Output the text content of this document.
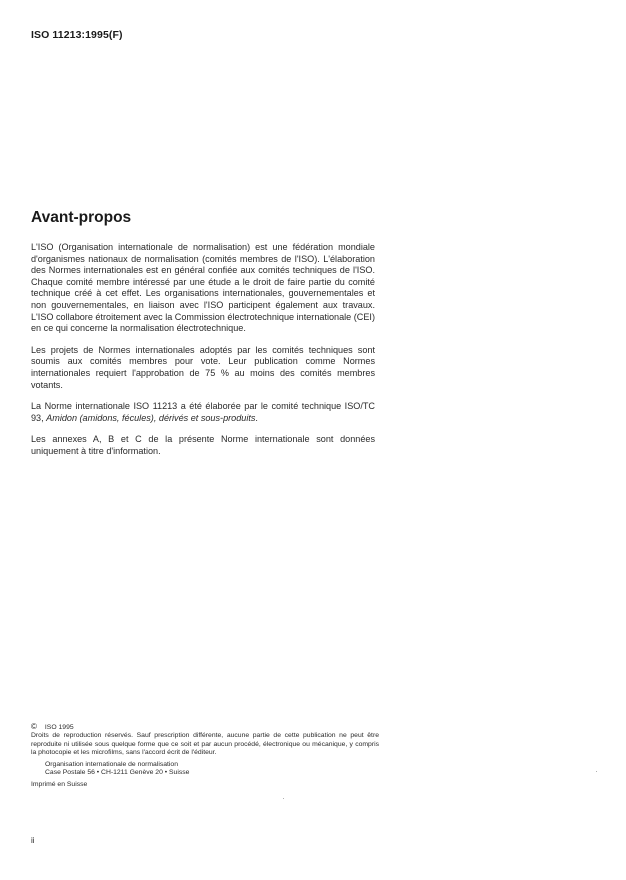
ISO 11213:1995(F)
Avant-propos

L'ISO (Organisation internationale de normalisation) est une fédération mondiale d'organismes nationaux de normalisation (comités membres de l'ISO). L'élaboration des Normes internationales est en général confiée aux comités techniques de l'ISO. Chaque comité membre intéressé par une étude a le droit de faire partie du comité technique créé à cet effet. Les organisations internationales, gouvernementales et non gouvernementales, en liaison avec l'ISO participent également aux travaux. L'ISO collabore étroitement avec la Commission électrotechnique internationale (CEI) en ce qui concerne la normalisation électrotechnique.

Les projets de Normes internationales adoptés par les comités techniques sont soumis aux comités membres pour vote. Leur publication comme Normes internationales requiert l'approbation de 75 % au moins des comités membres votants.

La Norme internationale ISO 11213 a été élaborée par le comité technique ISO/TC 93, Amidon (amidons, fécules), dérivés et sous-produits.

Les annexes A, B et C de la présente Norme internationale sont données uniquement à titre d'information.

© ISO 1995
Droits de reproduction réservés. Sauf prescription différente, aucune partie de cette publication ne peut être reproduite ni utilisée sous quelque forme que ce soit et par aucun procédé, électronique ou mécanique, y compris la photocopie et les microfilms, sans l'accord écrit de l'éditeur.
Organisation internationale de normalisation
Case Postale 56 • CH-1211 Genève 20 • Suisse
Imprimé en Suisse
ii
